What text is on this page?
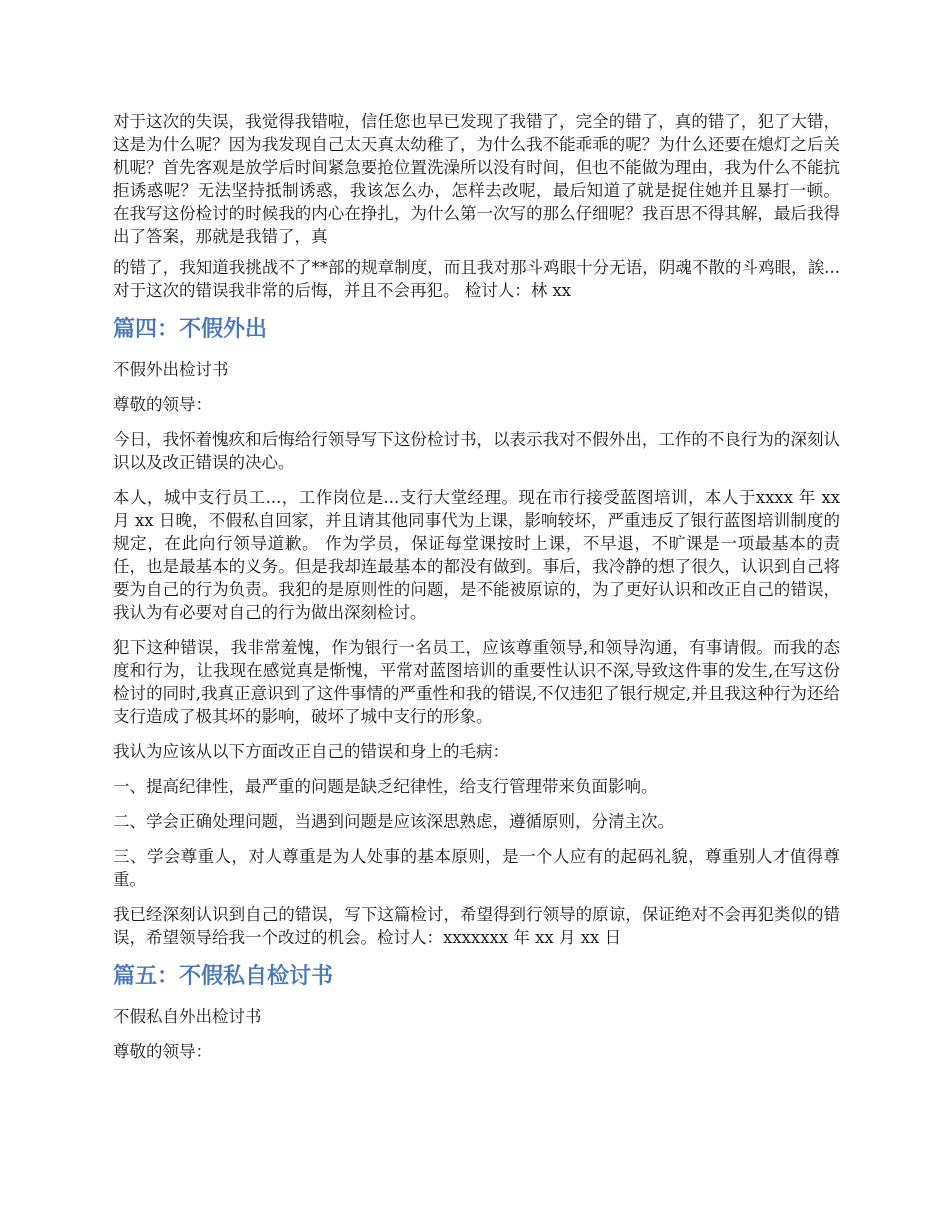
对于这次的失误，我觉得我错啦，信任您也早已发现了我错了，完全的错了，真的错了，犯了大错，这是为什么呢？因为我发现自己太天真太幼稚了，为什么我不能乖乖的呢？为什么还要在熄灯之后关机呢？首先客观是放学后时间紧急要抢位置洗澡所以没有时间，但也不能做为理由，我为什么不能抗拒诱惑呢？无法坚持抵制诱惑，我该怎么办，怎样去改呢，最后知道了就是捉住她并且暴打一顿。 在我写这份检讨的时候我的内心在挣扎，为什么第一次写的那么仔细呢？我百思不得其解，最后我得出了答案，那就是我错了，真

的错了，我知道我挑战不了**部的规章制度，而且我对那斗鸡眼十分无语，阴魂不散的斗鸡眼，誒... 对于这次的错误我非常的后悔，并且不会再犯。 检讨人：林 xx

篇四：不假外出

不假外出检讨书

尊敬的领导：

今日，我怀着愧疚和后悔给行领导写下这份检讨书，以表示我对不假外出，工作的不良行为的深刻认识以及改正错误的决心。

本人，城中支行员工...，工作岗位是...支行大堂经理。现在市行接受蓝图培训，本人于xxxx 年 xx 月 xx 日晚，不假私自回家，并且请其他同事代为上课，影响较坏，严重违反了银行蓝图培训制度的规定，在此向行领导道歉。 作为学员，保证每堂课按时上课，不早退，不旷课是一项最基本的责任，也是最基本的义务。但是我却连最基本的都没有做到。事后，我冷静的想了很久，认识到自己将要为自己的行为负责。我犯的是原则性的问题，是不能被原谅的，为了更好认识和改正自己的错误，我认为有必要对自己的行为做出深刻检讨。

犯下这种错误，我非常羞愧，作为银行一名员工，应该尊重领导,和领导沟通，有事请假。而我的态度和行为，让我现在感觉真是惭愧，平常对蓝图培训的重要性认识不深,导致这件事的发生,在写这份检讨的同时,我真正意识到了这件事情的严重性和我的错误,不仅违犯了银行规定,并且我这种行为还给支行造成了极其坏的影响，破坏了城中支行的形象。

我认为应该从以下方面改正自己的错误和身上的毛病：

一、提高纪律性，最严重的问题是缺乏纪律性，给支行管理带来负面影响。

二、学会正确处理问题，当遇到问题是应该深思熟虑，遵循原则，分清主次。

三、学会尊重人，对人尊重是为人处事的基本原则，是一个人应有的起码礼貌，尊重别人才值得尊重。

我已经深刻认识到自己的错误，写下这篇检讨，希望得到行领导的原谅，保证绝对不会再犯类似的错误，希望领导给我一个改过的机会。检讨人：xxxxxxx 年 xx 月 xx 日

篇五：不假私自检讨书

不假私自外出检讨书

尊敬的领导：
